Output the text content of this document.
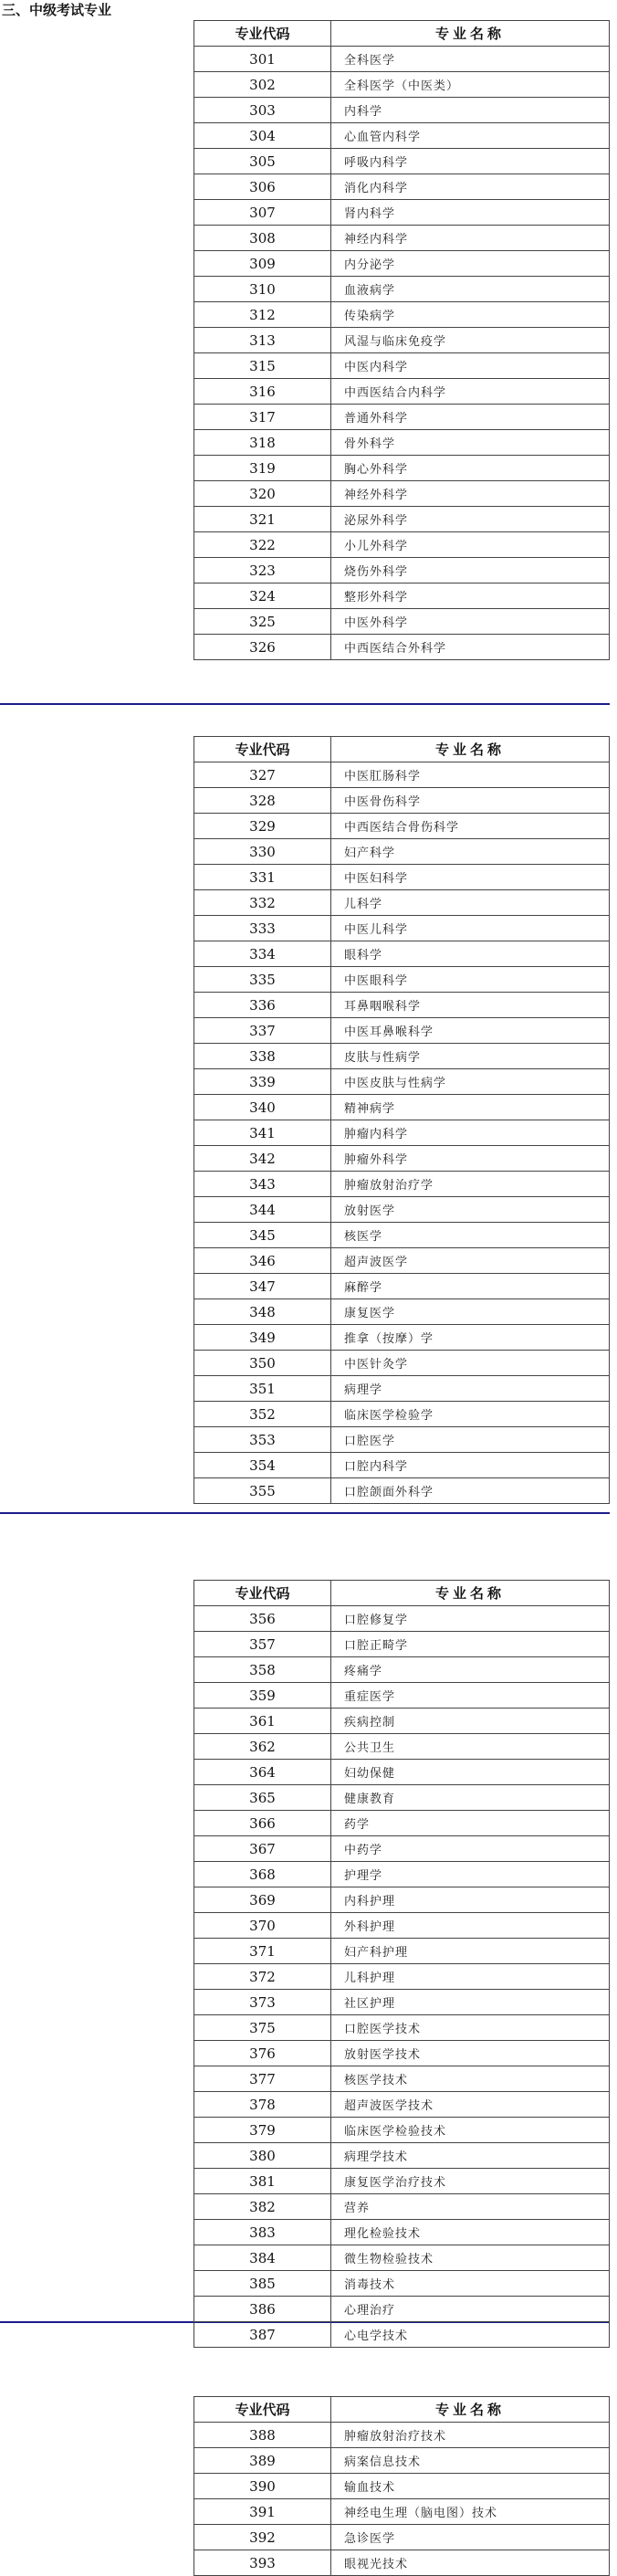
三、中级考试专业
专业代码	专业名称
301	全科医学
302	全科医学（中医类）
303	内科学
304	心血管内科学
305	呼吸内科学
306	消化内科学
307	肾内科学
308	神经内科学
309	内分泌学
310	血液病学
312	传染病学
313	风湿与临床免疫学
315	中医内科学
316	中西医结合内科学
317	普通外科学
318	骨外科学
319	胸心外科学
320	神经外科学
321	泌尿外科学
322	小儿外科学
323	烧伤外科学
324	整形外科学
325	中医外科学
326	中西医结合外科学
专业代码	专业名称
327	中医肛肠科学
328	中医骨伤科学
329	中西医结合骨伤科学
330	妇产科学
331	中医妇科学
332	儿科学
333	中医儿科学
334	眼科学
335	中医眼科学
336	耳鼻咽喉科学
337	中医耳鼻喉科学
338	皮肤与性病学
339	中医皮肤与性病学
340	精神病学
341	肿瘤内科学
342	肿瘤外科学
343	肿瘤放射治疗学
344	放射医学
345	核医学
346	超声波医学
347	麻醉学
348	康复医学
349	推拿（按摩）学
350	中医针灸学
351	病理学
352	临床医学检验学
353	口腔医学
354	口腔内科学
355	口腔颌面外科学
专业代码	专业名称
356	口腔修复学
357	口腔正畸学
358	疼痛学
359	重症医学
361	疾病控制
362	公共卫生
364	妇幼保健
365	健康教育
366	药学
367	中药学
368	护理学
369	内科护理
370	外科护理
371	妇产科护理
372	儿科护理
373	社区护理
375	口腔医学技术
376	放射医学技术
377	核医学技术
378	超声波医学技术
379	临床医学检验技术
380	病理学技术
381	康复医学治疗技术
382	营养
383	理化检验技术
384	微生物检验技术
385	消毒技术
386	心理治疗
387	心电学技术
专业代码	专业名称
388	肿瘤放射治疗技术
389	病案信息技术
390	输血技术
391	神经电生理（脑电图）技术
392	急诊医学
393	眼视光技术
